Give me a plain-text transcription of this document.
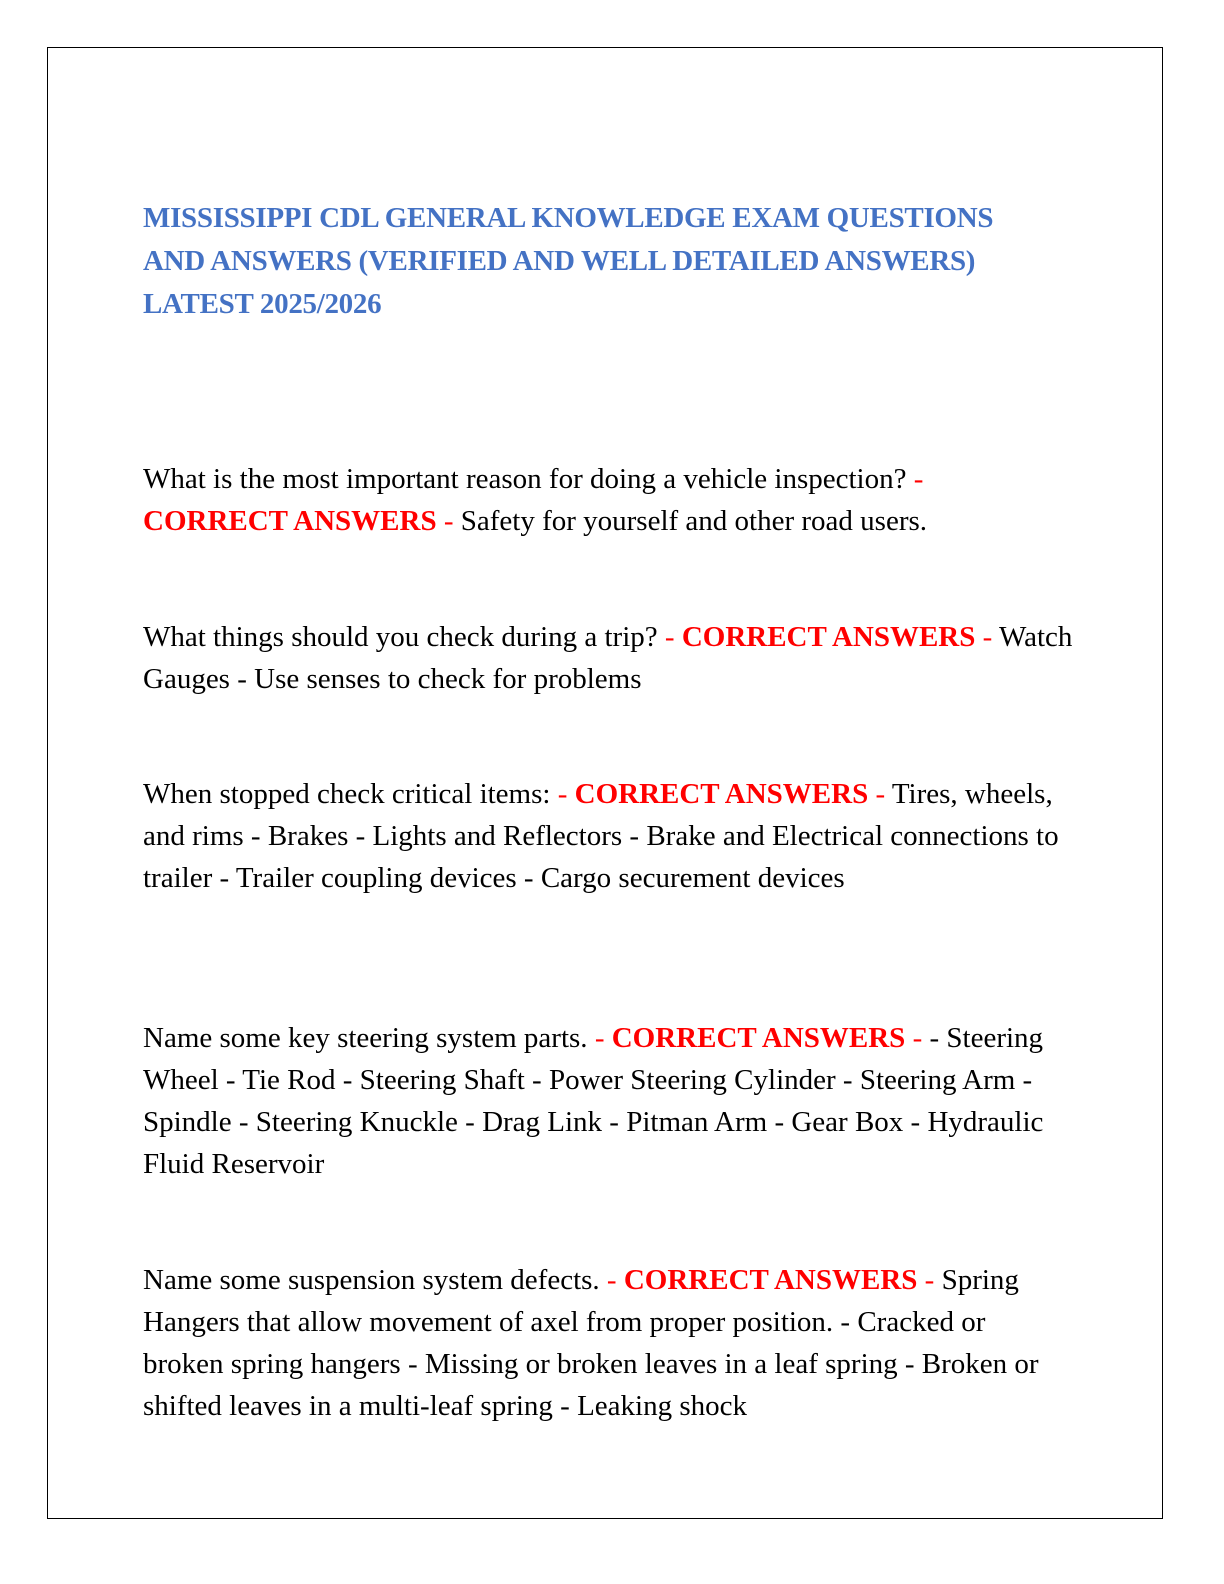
MISSISSIPPI CDL GENERAL KNOWLEDGE EXAM QUESTIONS AND ANSWERS (VERIFIED AND WELL DETAILED ANSWERS) LATEST 2025/2026

What is the most important reason for doing a vehicle inspection? - CORRECT ANSWERS - Safety for yourself and other road users.

What things should you check during a trip? - CORRECT ANSWERS - Watch Gauges - Use senses to check for problems

When stopped check critical items: - CORRECT ANSWERS - Tires, wheels, and rims - Brakes - Lights and Reflectors - Brake and Electrical connections to trailer - Trailer coupling devices - Cargo securement devices

Name some key steering system parts. - CORRECT ANSWERS - - Steering Wheel - Tie Rod - Steering Shaft - Power Steering Cylinder - Steering Arm - Spindle - Steering Knuckle - Drag Link - Pitman Arm - Gear Box - Hydraulic Fluid Reservoir

Name some suspension system defects. - CORRECT ANSWERS - Spring Hangers that allow movement of axel from proper position. - Cracked or broken spring hangers - Missing or broken leaves in a leaf spring - Broken or shifted leaves in a multi-leaf spring - Leaking shock
